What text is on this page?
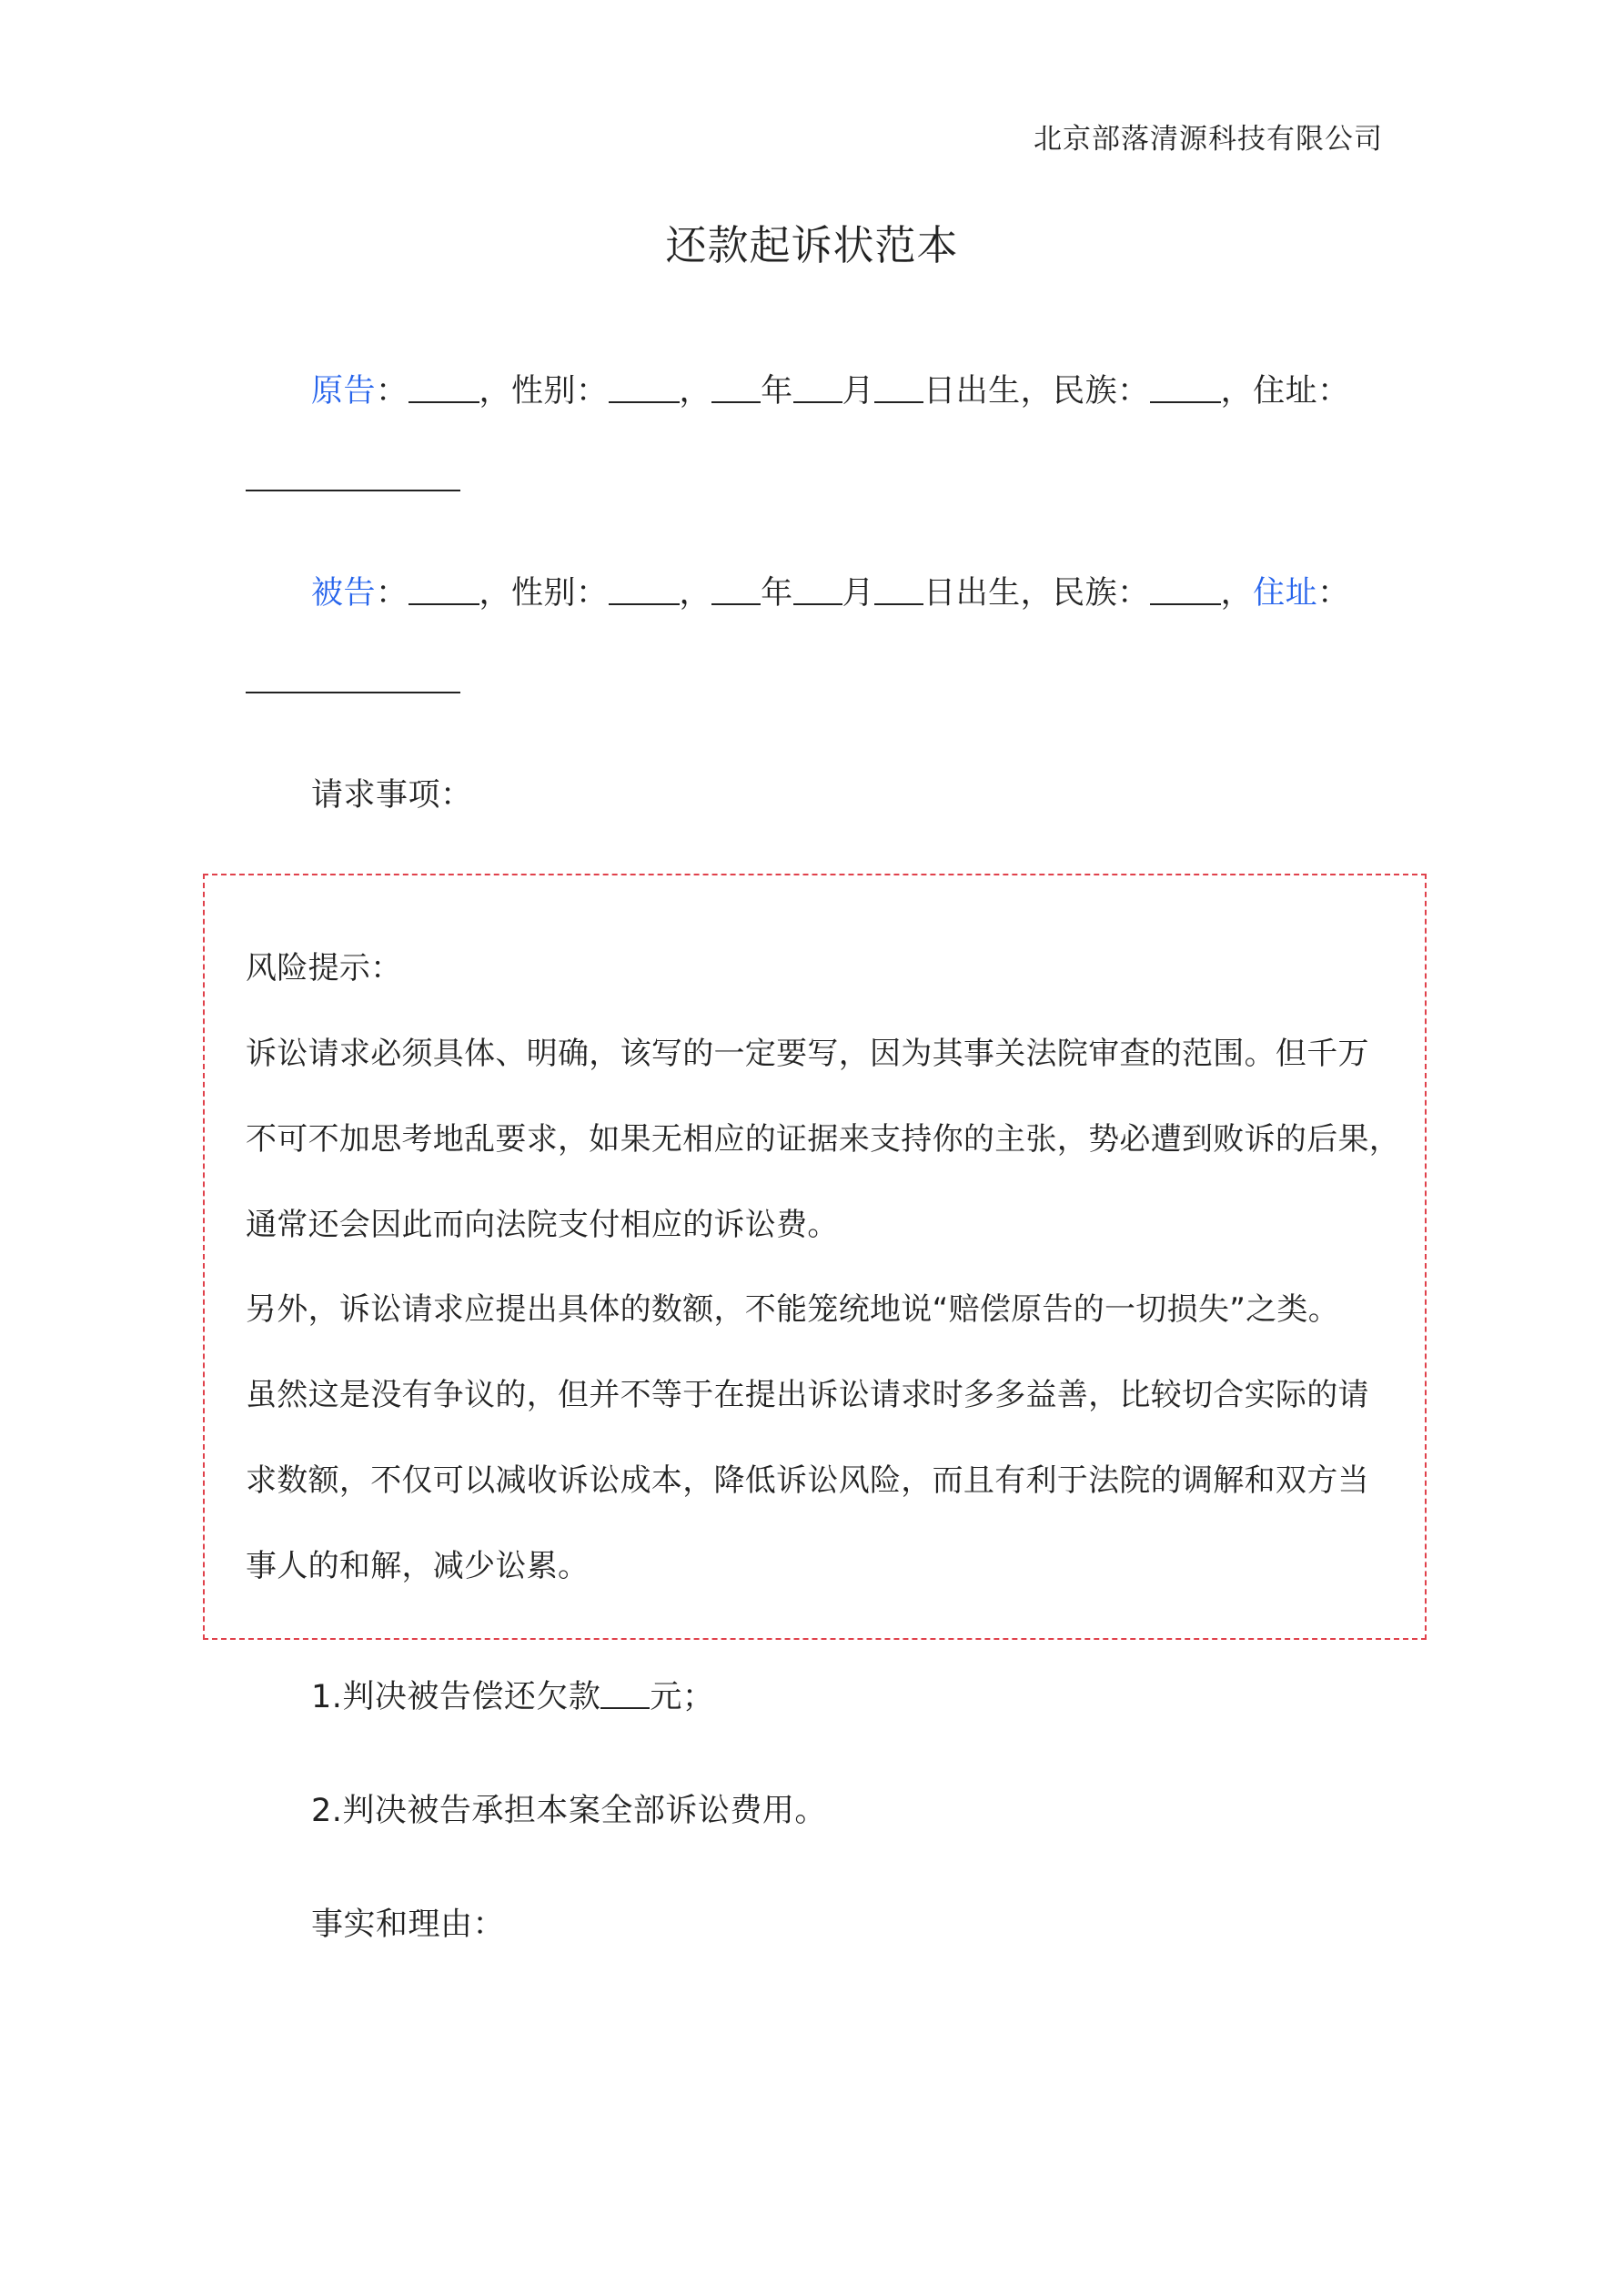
北京部落清源科技有限公司
还款起诉状范本
原告： ，性别： ， 年 月 日出生，民族： ，住址：
被告： ，性别： ， 年 月 日出生，民族： ，住址：
请求事项：
风险提示：
诉讼请求必须具体、明确，该写的一定要写，因为其事关法院审查的范围。但千万
不可不加思考地乱要求，如果无相应的证据来支持你的主张，势必遭到败诉的后果，
通常还会因此而向法院支付相应的诉讼费。
另外，诉讼请求应提出具体的数额，不能笼统地说“赔偿原告的一切损失”之类。
虽然这是没有争议的，但并不等于在提出诉讼请求时多多益善，比较切合实际的请
求数额，不仅可以减收诉讼成本，降低诉讼风险，而且有利于法院的调解和双方当
事人的和解，减少讼累。
1.判决被告偿还欠款 元；
2.判决被告承担本案全部诉讼费用。
事实和理由：
